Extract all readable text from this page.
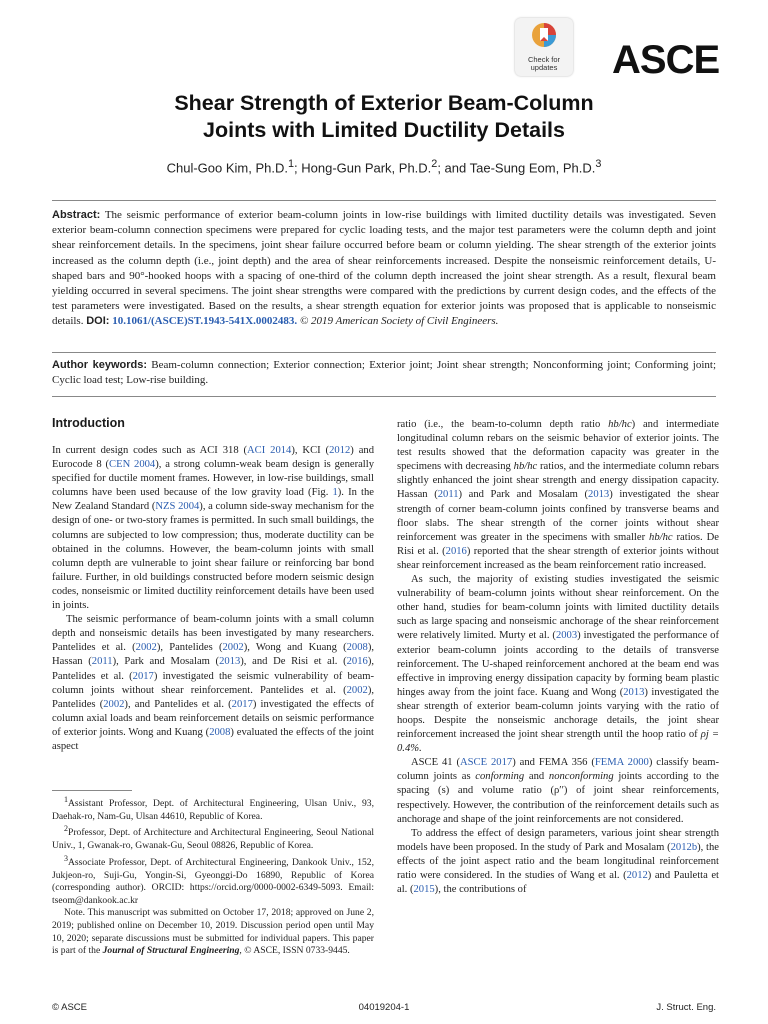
Check for
updates	ASCE
Shear Strength of Exterior Beam-Column
Joints with Limited Ductility Details
Chul-Goo Kim, Ph.D.$^1$; Hong-Gun Park, Ph.D.$^2$; and Tae-Sung Eom, Ph.D.$^3$
Abstract: The seismic performance of exterior beam-column joints in low-rise buildings with limited ductility details was investigated. Seven exterior beam-column connection specimens were prepared for cyclic loading tests, and the major test parameters were the column depth and joint shear reinforcement details. In the specimens, joint shear failure occurred before beam or column yielding. The shear strength of the exterior joints increased as the column depth (i.e., joint depth) and the area of shear reinforcements increased. Despite the nonseismic reinforcement details, U-shaped bars and 90°-hooked hoops with a spacing of one-third of the column depth increased the joint shear strength. As a result, flexural beam yielding occurred in several specimens. The joint shear strengths were compared with the predictions by current design codes, and the effects of the test parameters were investigated. Based on the results, a shear strength equation for exterior joints was proposed that is applicable to nonseismic details. DOI: 10.1061/(ASCE)ST.1943-541X.0002483. © 2019 American Society of Civil Engineers.
Author keywords: Beam-column connection; Exterior connection; Exterior joint; Joint shear strength; Nonconforming joint; Conforming joint; Cyclic load test; Low-rise building.
Introduction

In current design codes such as ACI 318 (ACI 2014), KCI (2012) and Eurocode 8 (CEN 2004), a strong column-weak beam design is generally specified for ductile moment frames. However, in low-rise buildings, small columns have been used because of the low gravity load (Fig. 1). In the New Zealand Standard (NZS 2004), a column side-sway mechanism for the design of one- or two-story frames is permitted. In such small buildings, the columns are subjected to low compression; thus, moderate ductility can be obtained in the columns. However, the beam-column joints with small column depth are vulnerable to joint shear failure or reinforcing bar bond failure. Further, in old buildings constructed before modern seismic design codes, nonseismic or limited ductility reinforcement details have been used in joints.

The seismic performance of beam-column joints with a small column depth and nonseismic details has been investigated by many researchers. Pantelides et al. (2002), Pantelides (2002), Wong and Kuang (2008), Hassan (2011), Park and Mosalam (2013), and De Risi et al. (2016), Pantelides et al. (2017) investigated the seismic vulnerability of beam-column joints without shear reinforcement. Pantelides et al. (2002), Pantelides (2002), and Pantelides et al. (2017) investigated the effects of column axial loads and beam reinforcement details on seismic performance of exterior joints. Wong and Kuang (2008) evaluated the effects of the joint aspect

$^1$Assistant Professor, Dept. of Architectural Engineering, Ulsan Univ., 93, Daehak-ro, Nam-Gu, Ulsan 44610, Republic of Korea.

$^2$Professor, Dept. of Architecture and Architectural Engineering, Seoul National Univ., 1, Gwanak-ro, Gwanak-Gu, Seoul 08826, Republic of Korea.

$^3$Associate Professor, Dept. of Architectural Engineering, Dankook Univ., 152, Jukjeon-ro, Suji-Gu, Yongin-Si, Gyeonggi-Do 16890, Republic of Korea (corresponding author). ORCID: https://orcid.org/0000-0002-6349-5093. Email: tseom@dankook.ac.kr

Note. This manuscript was submitted on October 17, 2018; approved on June 2, 2019; published online on December 10, 2019. Discussion period open until May 10, 2020; separate discussions must be submitted for individual papers. This paper is part of the Journal of Structural Engineering, © ASCE, ISSN 0733-9445.

ratio (i.e., the beam-to-column depth ratio hb/hc) and intermediate longitudinal column rebars on the seismic behavior of exterior joints. The test results showed that the deformation capacity was greater in the specimens with decreasing hb/hc ratios, and the intermediate column rebars slightly enhanced the joint shear strength and energy dissipation capacity. Hassan (2011) and Park and Mosalam (2013) investigated the shear strength of corner beam-column joints confined by transverse beams and floor slabs. The shear strength of the corner joints without shear reinforcement was greater in the specimens with smaller hb/hc ratios. De Risi et al. (2016) reported that the shear strength of exterior joints without shear reinforcement increased as the beam reinforcement ratio increased.

As such, the majority of existing studies investigated the seismic vulnerability of beam-column joints without shear reinforcement. On the other hand, studies for beam-column joints with limited ductility details such as large spacing and nonseismic anchorage of the shear reinforcement were relatively limited. Murty et al. (2003) investigated the performance of exterior beam-column joints according to the details of transverse reinforcement. The U-shaped reinforcement anchored at the beam end was effective in improving energy dissipation capacity by forming beam plastic hinges away from the joint face. Kuang and Wong (2013) investigated the shear strength of exterior beam-column joints varying with the ratio of hoops. Despite the nonseismic anchorage details, the joint shear reinforcement increased the joint shear strength until the hoop ratio of ρj = 0.4%.

ASCE 41 (ASCE 2017) and FEMA 356 (FEMA 2000) classify beam-column joints as conforming and nonconforming joints according to the spacing (s) and volume ratio (ρ′′) of joint shear reinforcements, respectively. However, the contribution of the reinforcement details such as anchorage and shape of the joint reinforcements are not considered.

To address the effect of design parameters, various joint shear strength models have been proposed. In the study of Park and Mosalam (2012b), the effects of the joint aspect ratio and the beam longitudinal reinforcement ratio were considered. In the studies of Wang et al. (2012) and Pauletta et al. (2015), the contributions of

© ASCE	04019204-1	J. Struct. Eng.
